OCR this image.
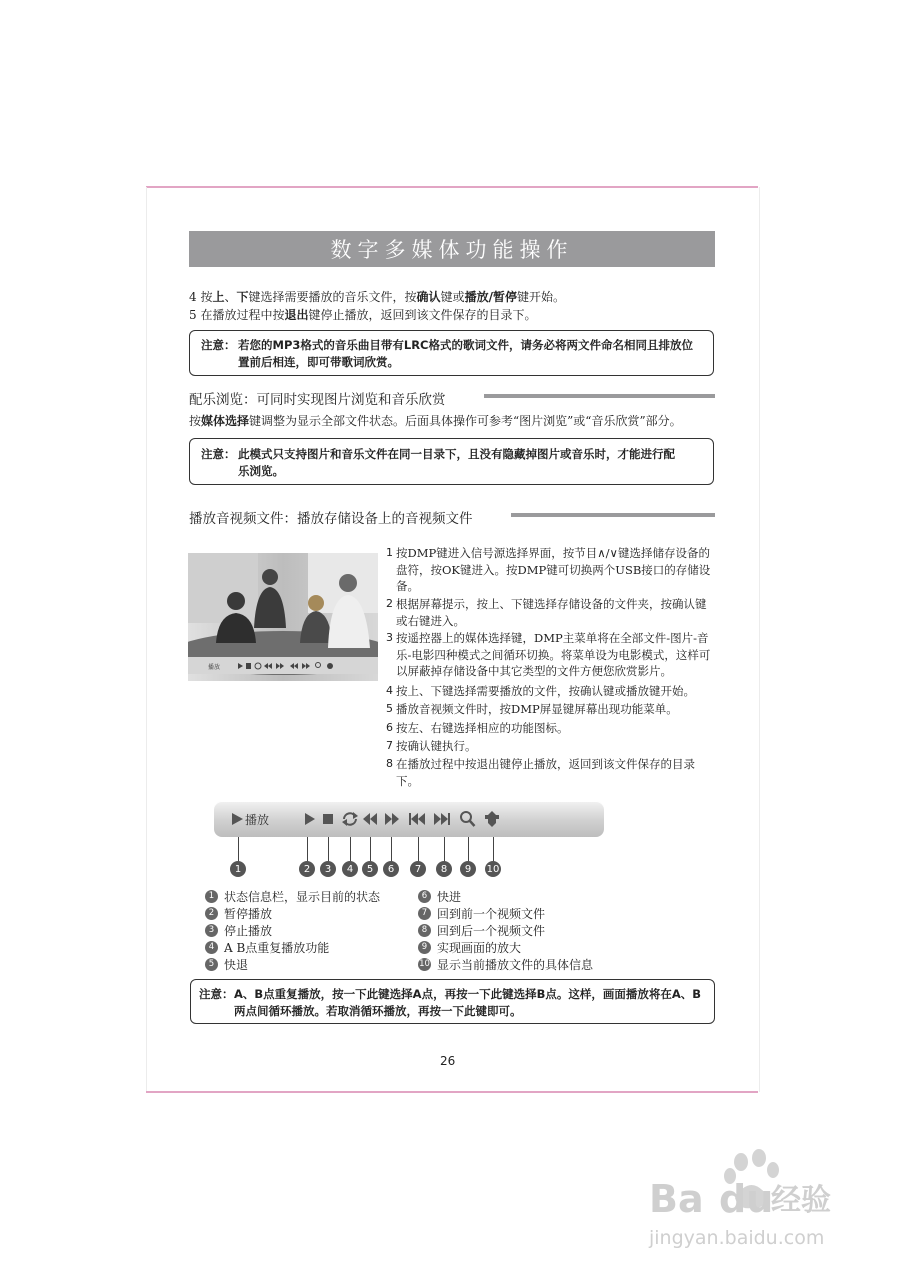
数字多媒体功能操作
4 按上、下键选择需要播放的音乐文件，按确认键或播放/暂停键开始。
5 在播放过程中按退出键停止播放，返回到该文件保存的目录下。
注意： 若您的MP3格式的音乐曲目带有LRC格式的歌词文件，请务必将两文件命名相同且排放位
置前后相连，即可带歌词欣赏。
配乐浏览：可同时实现图片浏览和音乐欣赏
按媒体选择键调整为显示全部文件状态。后面具体操作可参考“图片浏览”或“音乐欣赏”部分。
注意： 此模式只支持图片和音乐文件在同一目录下，且没有隐藏掉图片或音乐时，才能进行配
乐浏览。
播放音视频文件：播放存储设备上的音视频文件
播放
1 按DMP键进入信号源选择界面，按节目∧/∨键选择储存设备的盘符，按OK键进入。按DMP键可切换两个USB接口的存储设备。
2 根据屏幕提示，按上、下键选择存储设备的文件夹，按确认键或右键进入。
3 按遥控器上的媒体选择键，DMP主菜单将在全部文件-图片-音乐-电影四种模式之间循环切换。将菜单设为电影模式，这样可以屏蔽掉存储设备中其它类型的文件方便您欣赏影片。
4 按上、下键选择需要播放的文件，按确认键或播放键开始。
5 播放音视频文件时，按DMP屏显键屏幕出现功能菜单。
6 按左、右键选择相应的功能图标。
7 按确认键执行。
8 在播放过程中按退出键停止播放，返回到该文件保存的目录下。
播放
1	2	3	4	5	6	7	8	9	10
1 状态信息栏，显示目前的状态
2 暂停播放
3 停止播放
4 A B点重复播放功能
5 快退
6 快进
7 回到前一个视频文件
8 回到后一个视频文件
9 实现画面的放大
10 显示当前播放文件的具体信息
注意： A、B点重复播放，按一下此键选择A点，再按一下此键选择B点。这样，画面播放将在A、B
两点间循环播放。若取消循环播放，再按一下此键即可。
26
Ba du
经验
jingyan.baidu.com
